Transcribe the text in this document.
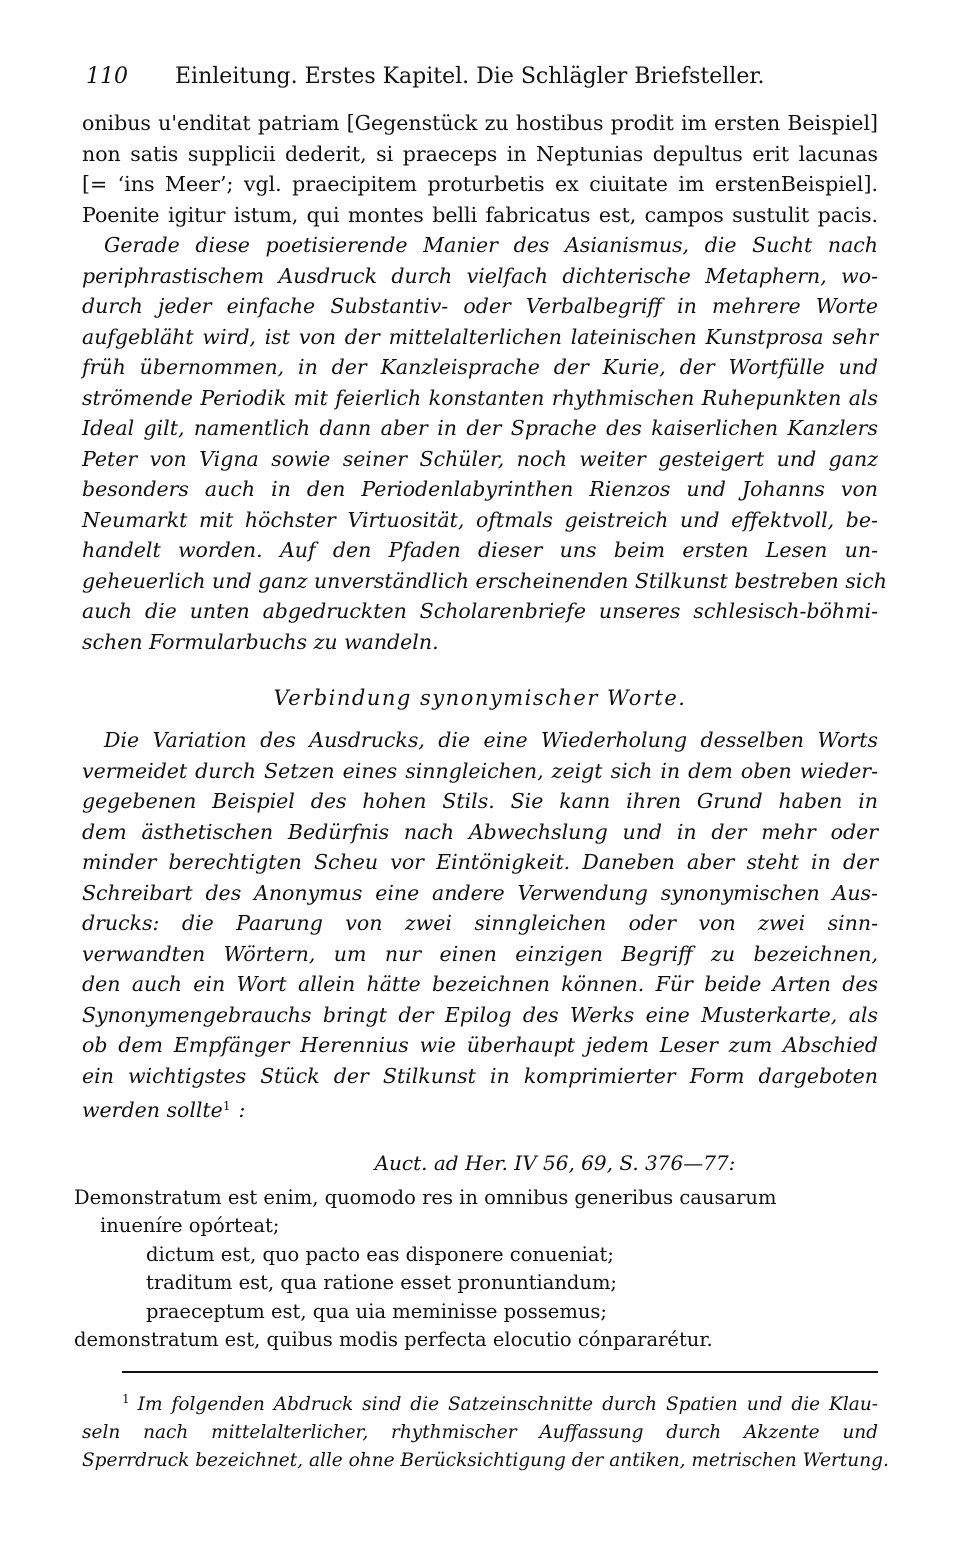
110 Einleitung. Erstes Kapitel. Die Schlägler Briefsteller.
onibus u'enditat patriam [Gegenstück zu hostibus prodit im ersten Beispiel]
non satis supplicii dederit, si praeceps in Neptunias depultus erit lacunas
[= ‘ins Meer’; vgl. praecipitem proturbetis ex ciuitate im erstenBeispiel].
Poenite igitur istum, qui montes belli fabricatus est, campos sustulit pacis.
Gerade diese poetisierende Manier des Asianismus, die Sucht nach
periphrastischem Ausdruck durch vielfach dichterische Metaphern, wo-
durch jeder einfache Substantiv- oder Verbalbegriff in mehrere Worte
aufgebläht wird, ist von der mittelalterlichen lateinischen Kunstprosa sehr
früh übernommen, in der Kanzleisprache der Kurie, der Wortfülle und
strömende Periodik mit feierlich konstanten rhythmischen Ruhepunkten als
Ideal gilt, namentlich dann aber in der Sprache des kaiserlichen Kanzlers
Peter von Vigna sowie seiner Schüler, noch weiter gesteigert und ganz
besonders auch in den Periodenlabyrinthen Rienzos und Johanns von
Neumarkt mit höchster Virtuosität, oftmals geistreich und effektvoll, be-
handelt worden. Auf den Pfaden dieser uns beim ersten Lesen un-
geheuerlich und ganz unverständlich erscheinenden Stilkunst bestreben sich
auch die unten abgedruckten Scholarenbriefe unseres schlesisch-böhmi-
schen Formularbuchs zu wandeln.
Verbindung synonymischer Worte.
Die Variation des Ausdrucks, die eine Wiederholung desselben Worts
vermeidet durch Setzen eines sinngleichen, zeigt sich in dem oben wieder-
gegebenen Beispiel des hohen Stils. Sie kann ihren Grund haben in
dem ästhetischen Bedürfnis nach Abwechslung und in der mehr oder
minder berechtigten Scheu vor Eintönigkeit. Daneben aber steht in der
Schreibart des Anonymus eine andere Verwendung synonymischen Aus-
drucks: die Paarung von zwei sinngleichen oder von zwei sinn-
verwandten Wörtern, um nur einen einzigen Begriff zu bezeichnen,
den auch ein Wort allein hätte bezeichnen können. Für beide Arten des
Synonymengebrauchs bringt der Epilog des Werks eine Musterkarte, als
ob dem Empfänger Herennius wie überhaupt jedem Leser zum Abschied
ein wichtigstes Stück der Stilkunst in komprimierter Form dargeboten
werden sollte$^1$ :
Auct. ad Her. IV 56, 69, S. 376—77:
Demonstratum est enim, quomodo res in omnibus generibus causarum
inueníre opórteat;
dictum est, quo pacto eas disponere conueniat;
traditum est, qua ratione esset pronuntiandum;
praeceptum est, qua uia meminisse possemus;
demonstratum est, quibus modis perfecta elocutio cónpararétur.
$^1$ Im folgenden Abdruck sind die Satzeinschnitte durch Spatien und die Klau-
seln nach mittelalterlicher, rhythmischer Auffassung durch Akzente und
Sperrdruck bezeichnet, alle ohne Berücksichtigung der antiken, metrischen Wertung.
